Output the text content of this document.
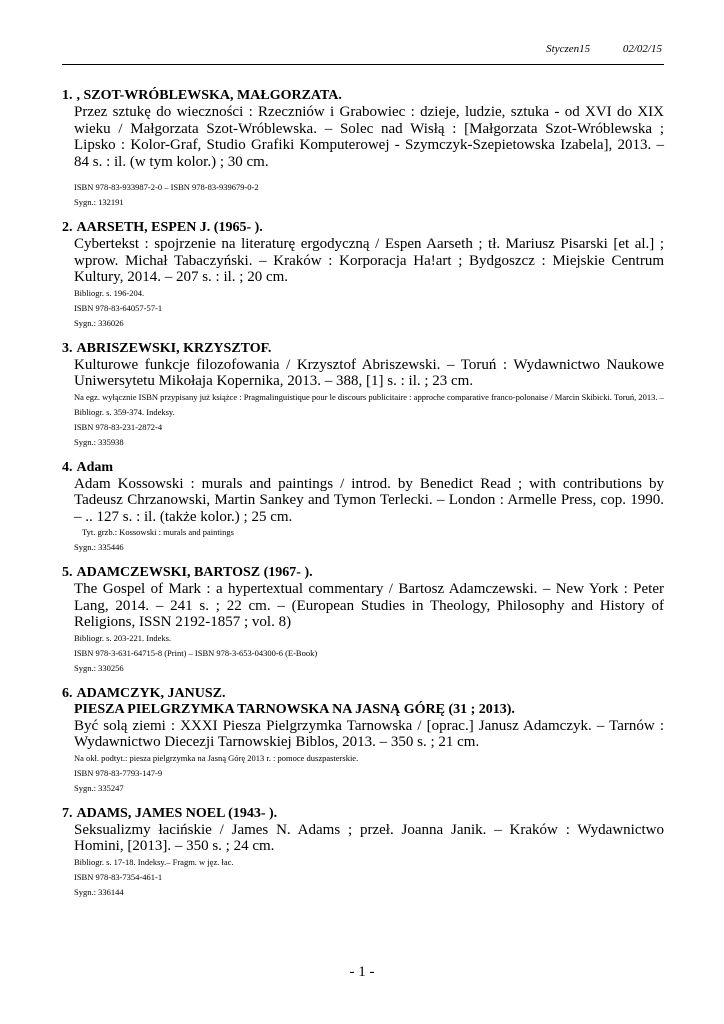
Styczen15	02/02/15
1. , SZOT-WRÓBLEWSKA, MAŁGORZATA.
Przez sztukę do wieczności : Rzeczniów i Grabowiec : dzieje, ludzie, sztuka - od XVI do XIX wieku / Małgorzata Szot-Wróblewska. – Solec nad Wisłą : [Małgorzata Szot-Wróblewska ; Lipsko : Kolor-Graf, Studio Grafiki Komputerowej - Szymczyk-Szepietowska Izabela], 2013. – 84 s. : il. (w tym kolor.) ; 30 cm.
ISBN 978-83-933987-2-0 – ISBN 978-83-939679-0-2
Sygn.: 132191
2. AARSETH, ESPEN J. (1965- ).
Cybertekst : spojrzenie na literaturę ergodyczną / Espen Aarseth ; tł. Mariusz Pisarski [et al.] ; wprow. Michał Tabaczyński. – Kraków : Korporacja Ha!art ; Bydgoszcz : Miejskie Centrum Kultury, 2014. – 207 s. : il. ; 20 cm.
Bibliogr. s. 196-204.
ISBN 978-83-64057-57-1
Sygn.: 336026
3. ABRISZEWSKI, KRZYSZTOF.
Kulturowe funkcje filozofowania / Krzysztof Abriszewski. – Toruń : Wydawnictwo Naukowe Uniwersytetu Mikołaja Kopernika, 2013. – 388, [1] s. : il. ; 23 cm.
Na egz. wyłącznie ISBN przypisany już książce : Pragmalinguistique pour le discours publicitaire : approche comparative franco-polonaise / Marcin Skibicki. Toruń, 2013. – Bibliogr. s. 359-374. Indeksy.
ISBN 978-83-231-2872-4
Sygn.: 335938
4. Adam
Adam Kossowski : murals and paintings / introd. by Benedict Read ; with contributions by Tadeusz Chrzanowski, Martin Sankey and Tymon Terlecki. – London : Armelle Press, cop. 1990. – .. 127 s. : il. (także kolor.) ; 25 cm.
Tyt. grzb.: Kossowski : murals and paintings
Sygn.: 335446
5. ADAMCZEWSKI, BARTOSZ (1967- ).
The Gospel of Mark : a hypertextual commentary / Bartosz Adamczewski. – New York : Peter Lang, 2014. – 241 s. ; 22 cm. – (European Studies in Theology, Philosophy and History of Religions, ISSN 2192-1857 ; vol. 8)
Bibliogr. s. 203-221. Indeks.
ISBN 978-3-631-64715-8 (Print) – ISBN 978-3-653-04300-6 (E-Book)
Sygn.: 330256
6. ADAMCZYK, JANUSZ.
PIESZA PIELGRZYMKA TARNOWSKA NA JASNĄ GÓRĘ (31 ; 2013).
Być solą ziemi : XXXI Piesza Pielgrzymka Tarnowska / [oprac.] Janusz Adamczyk. – Tarnów : Wydawnictwo Diecezji Tarnowskiej Biblos, 2013. – 350 s. ; 21 cm.
Na okł. podtyt.: piesza pielgrzymka na Jasną Górę 2013 r. : pomoce duszpasterskie.
ISBN 978-83-7793-147-9
Sygn.: 335247
7. ADAMS, JAMES NOEL (1943- ).
Seksualizmy łacińskie / James N. Adams ; przeł. Joanna Janik. – Kraków : Wydawnictwo Homini, [2013]. – 350 s. ; 24 cm.
Bibliogr. s. 17-18. Indeksy.– Fragm. w jęz. łac.
ISBN 978-83-7354-461-1
Sygn.: 336144
- 1 -
